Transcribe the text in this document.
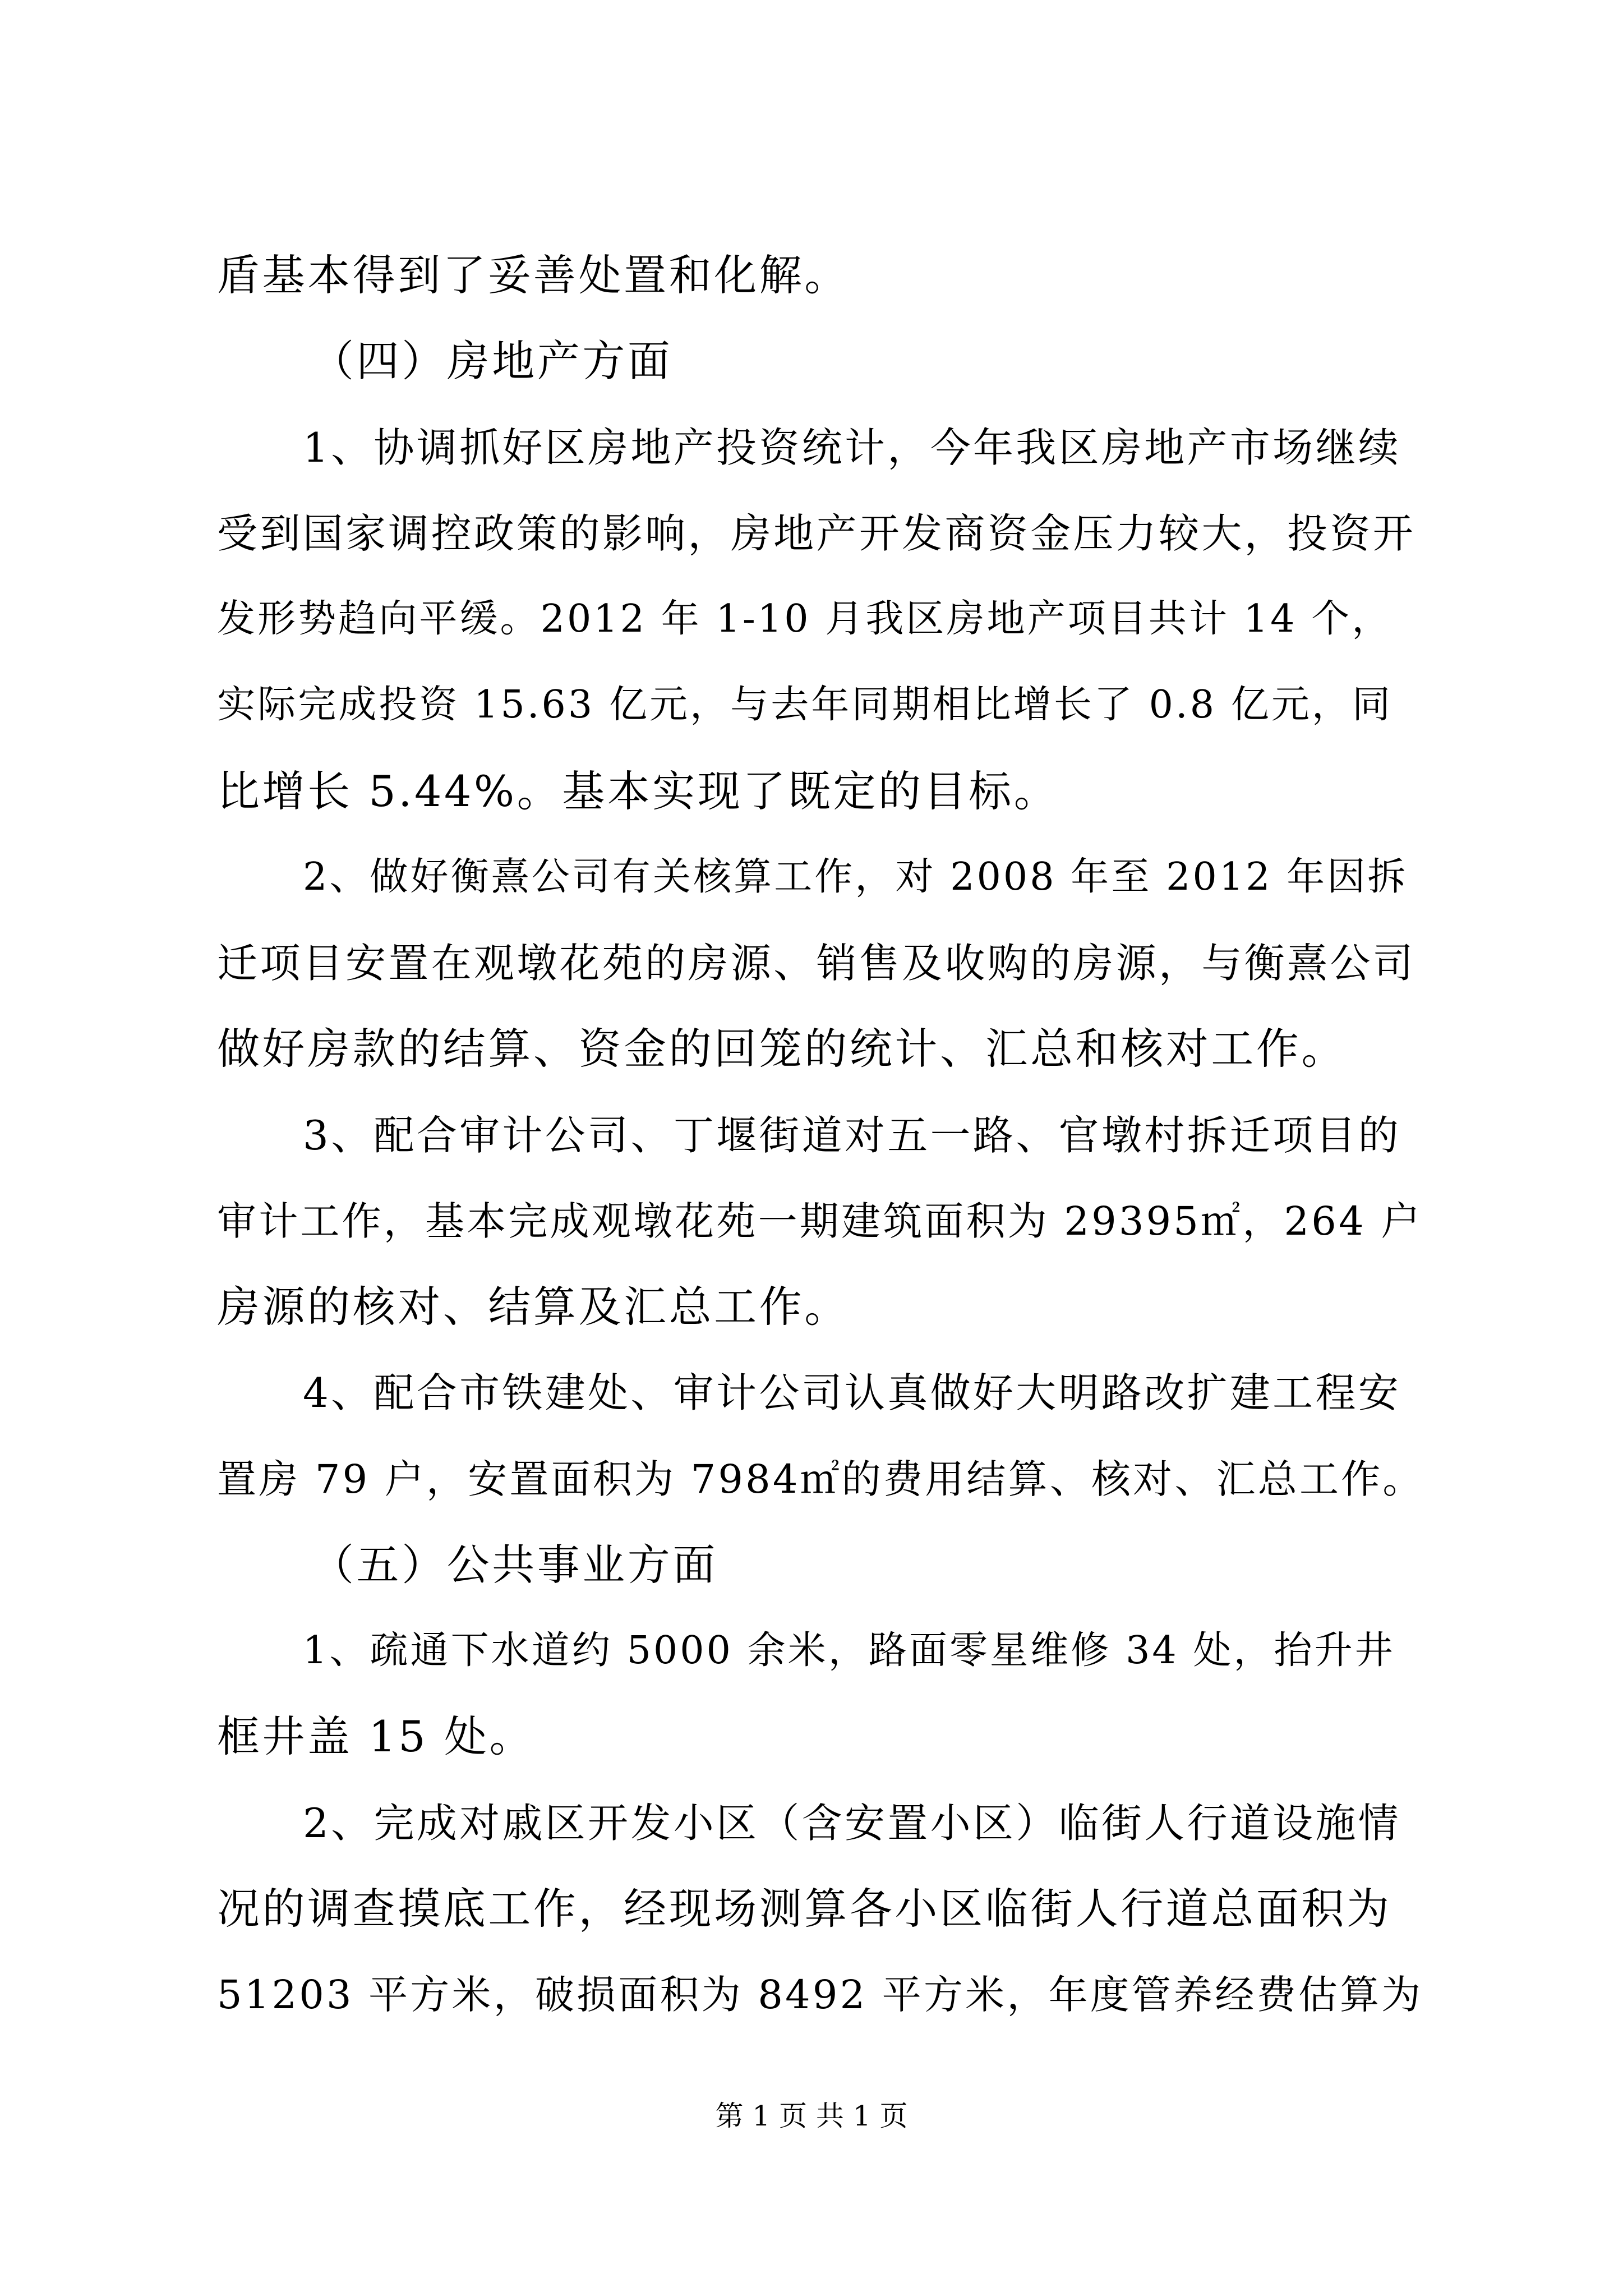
盾基本得到了妥善处置和化解。
（四）房地产方面
1、协调抓好区房地产投资统计，今年我区房地产市场继续
受到国家调控政策的影响，房地产开发商资金压力较大，投资开
发形势趋向平缓。2012 年 1-10 月我区房地产项目共计 14 个，
实际完成投资 15.63 亿元，与去年同期相比增长了 0.8 亿元，同
比增长 5.44%。基本实现了既定的目标。
2、做好衡熹公司有关核算工作，对 2008 年至 2012 年因拆
迁项目安置在观墩花苑的房源、销售及收购的房源，与衡熹公司
做好房款的结算、资金的回笼的统计、汇总和核对工作。
3、配合审计公司、丁堰街道对五一路、官墩村拆迁项目的
审计工作，基本完成观墩花苑一期建筑面积为 29395㎡，264 户
房源的核对、结算及汇总工作。
4、配合市铁建处、审计公司认真做好大明路改扩建工程安
置房 79 户，安置面积为 7984㎡的费用结算、核对、汇总工作。
（五）公共事业方面
1、疏通下水道约 5000 余米，路面零星维修 34 处，抬升井
框井盖 15 处。
2、完成对戚区开发小区（含安置小区）临街人行道设施情
况的调查摸底工作，经现场测算各小区临街人行道总面积为
51203 平方米，破损面积为 8492 平方米，年度管养经费估算为
第 1 页 共 1 页
